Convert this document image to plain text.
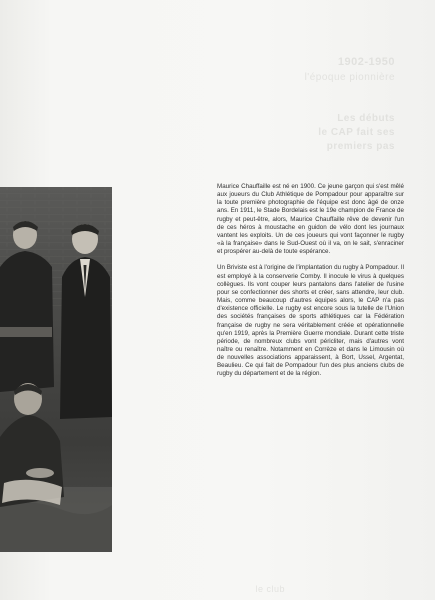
1902-1950
l'époque pionnière
Les débuts
le CAP fait ses
premiers pas

Maurice Chauffaille est né en 1900. Ce jeune garçon qui s'est mêlé aux joueurs du Club Athlétique de Pompadour pour apparaître sur la toute première photographie de l'équipe est donc âgé de onze ans. En 1911, le Stade Bordelais est le 19e champion de France de rugby et peut-être, alors, Maurice Chauffaille rêve de devenir l'un de ces héros à moustache en guidon de vélo dont les journaux vantent les exploits. Un de ces joueurs qui vont façonner le rugby «à la française» dans le Sud-Ouest où il va, on le sait, s'enraciner et prospérer au-delà de toute espérance.

Un Briviste est à l'origine de l'implantation du rugby à Pompadour. Il est employé à la conserverie Comby. Il inocule le virus à quelques collègues. Ils vont couper leurs pantalons dans l'atelier de l'usine pour se confectionner des shorts et créer, sans attendre, leur club. Mais, comme beaucoup d'autres équipes alors, le CAP n'a pas d'existence officielle. Le rugby est encore sous la tutelle de l'Union des sociétés françaises de sports athlétiques car la Fédération française de rugby ne sera véritablement créée et opérationnelle qu'en 1919, après la Première Guerre mondiale. Durant cette triste période, de nombreux clubs vont péricliter, mais d'autres vont naître ou renaître. Notamment en Corrèze et dans le Limousin où de nouvelles associations apparaissent, à Bort, Ussel, Argentat, Beaulieu. Ce qui fait de Pompadour l'un des plus anciens clubs de rugby du département et de la région.

le club
